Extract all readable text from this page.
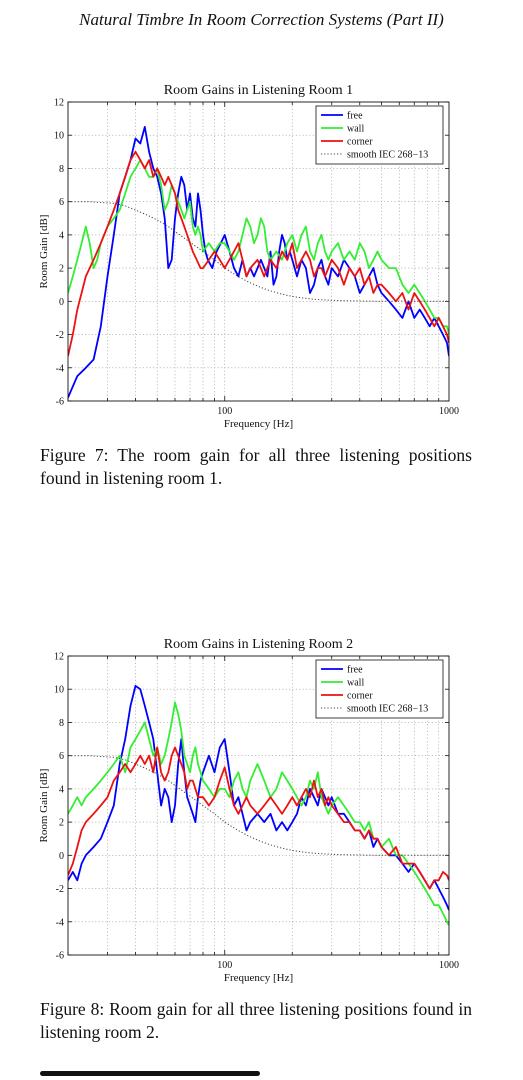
Natural Timbre In Room Correction Systems (Part II)
Room Gains in Listening Room 1
-6
-4
-2
0
2
4
6
8
10
12
100	1000
Frequency [Hz]
Room Gain [dB]
free
wall
corner
smooth IEC 268−13
Figure 7: The room gain for all three listening positions found in listening room 1.
Room Gains in Listening Room 2
-6
-4
-2
0
2
4
6
8
10
12
100	1000
Frequency [Hz]
Room Gain [dB]
free
wall
corner
smooth IEC 268−13
Figure 8: Room gain for all three listening positions found in listening room 2.
